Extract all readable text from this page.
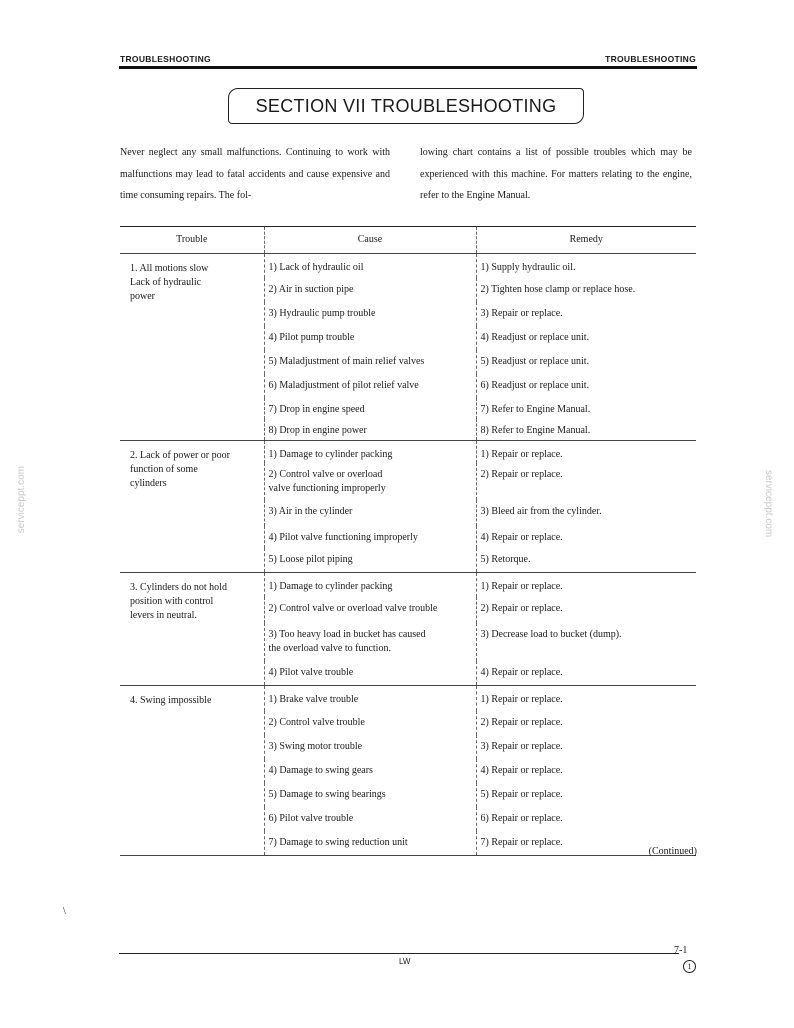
TROUBLESHOOTING	TROUBLESHOOTING
SECTION VII TROUBLESHOOTING
Never neglect any small malfunctions. Continuing to work with malfunctions may lead to fatal accidents and cause expensive and time consuming repairs. The fol-
lowing chart contains a list of possible troubles which may be experienced with this machine. For matters relating to the engine, refer to the Engine Manual.
serviceppt.com	serviceppt.com
Trouble	Cause	Remedy

1. All motions slow
Lack of hydraulic
power	1) Lack of hydraulic oil	1) Supply hydraulic oil.

	2) Air in suction pipe	2) Tighten hose clamp or replace hose.

	3) Hydraulic pump trouble	3) Repair or replace.

	4) Pilot pump trouble	4) Readjust or replace unit.

	5) Maladjustment of main relief valves	5) Readjust or replace unit.

	6) Maladjustment of pilot relief valve	6) Readjust or replace unit.

	7) Drop in engine speed	7) Refer to Engine Manual.

	8) Drop in engine power	8) Refer to Engine Manual.

2. Lack of power or poor
function of some
cylinders	1) Damage to cylinder packing	1) Repair or replace.

	2) Control valve or overload
valve functioning improperly	2) Repair or replace.

	3) Air in the cylinder	3) Bleed air from the cylinder.

	4) Pilot valve functioning improperly	4) Repair or replace.

	5) Loose pilot piping	5) Retorque.

3. Cylinders do not hold
position with control
levers in neutral.	1) Damage to cylinder packing	1) Repair or replace.

	2) Control valve or overload valve trouble	2) Repair or replace.

	3) Too heavy load in bucket has caused
the overload valve to function.	3) Decrease load to bucket (dump).

	4) Pilot valve trouble	4) Repair or replace.

4. Swing impossible	1) Brake valve trouble	1) Repair or replace.

	2) Control valve trouble	2) Repair or replace.

	3) Swing motor trouble	3) Repair or replace.

	4) Damage to swing gears	4) Repair or replace.

	5) Damage to swing bearings	5) Repair or replace.

	6) Pilot valve trouble	6) Repair or replace.

	7) Damage to swing reduction unit	7) Repair or replace.
(Continued)
\
LW
7-1
1
